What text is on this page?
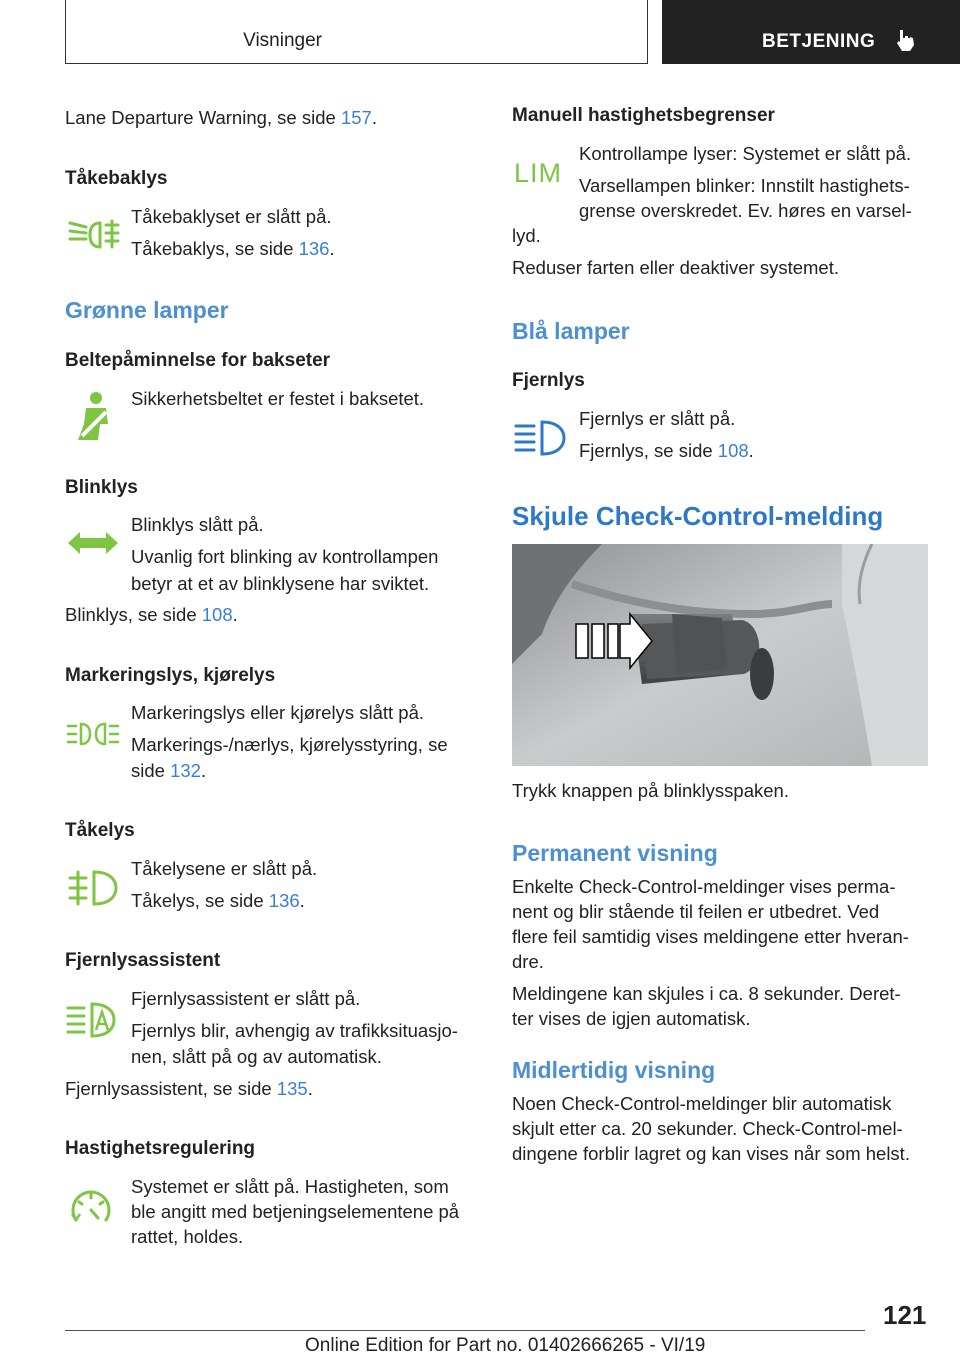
Visninger	BETJENING
Lane Departure Warning, se side 157.
Tåkebaklys
Tåkebaklyset er slått på.
Tåkebaklys, se side 136.
Grønne lamper
Beltepåminnelse for bakseter
Sikkerhetsbeltet er festet i baksetet.
Blinklys
Blinklys slått på.
Uvanlig fort blinking av kontrollampen
betyr at et av blinklysene har sviktet.
Blinklys, se side 108.
Markeringslys, kjørelys
Markeringslys eller kjørelys slått på.
Markerings-/nærlys, kjørelysstyring, se
side 132.
Tåkelys
Tåkelysene er slått på.
Tåkelys, se side 136.
Fjernlysassistent
Fjernlysassistent er slått på.
Fjernlys blir, avhengig av trafikksituasjo‐
nen, slått på og av automatisk.
Fjernlysassistent, se side 135.
Hastighetsregulering
Systemet er slått på. Hastigheten, som
ble angitt med betjeningselementene på
rattet, holdes.
Manuell hastighetsbegrenser
LIM
Kontrollampe lyser: Systemet er slått på.
Varsellampen blinker: Innstilt hastighets‐
grense overskredet. Ev. høres en varsel‐
lyd.
Reduser farten eller deaktiver systemet.
Blå lamper
Fjernlys
Fjernlys er slått på.
Fjernlys, se side 108.
Skjule Check-Control-melding
Trykk knappen på blinklysspaken.
Permanent visning
Enkelte Check-Control-meldinger vises perma‐
nent og blir stående til feilen er utbedret. Ved
flere feil samtidig vises meldingene etter hveran‐
dre.
Meldingene kan skjules i ca. 8 sekunder. Deret‐
ter vises de igjen automatisk.
Midlertidig visning
Noen Check-Control-meldinger blir automatisk
skjult etter ca. 20 sekunder. Check-Control-mel‐
dingene forblir lagret og kan vises når som helst.
121
Online Edition for Part no. 01402666265 - VI/19
